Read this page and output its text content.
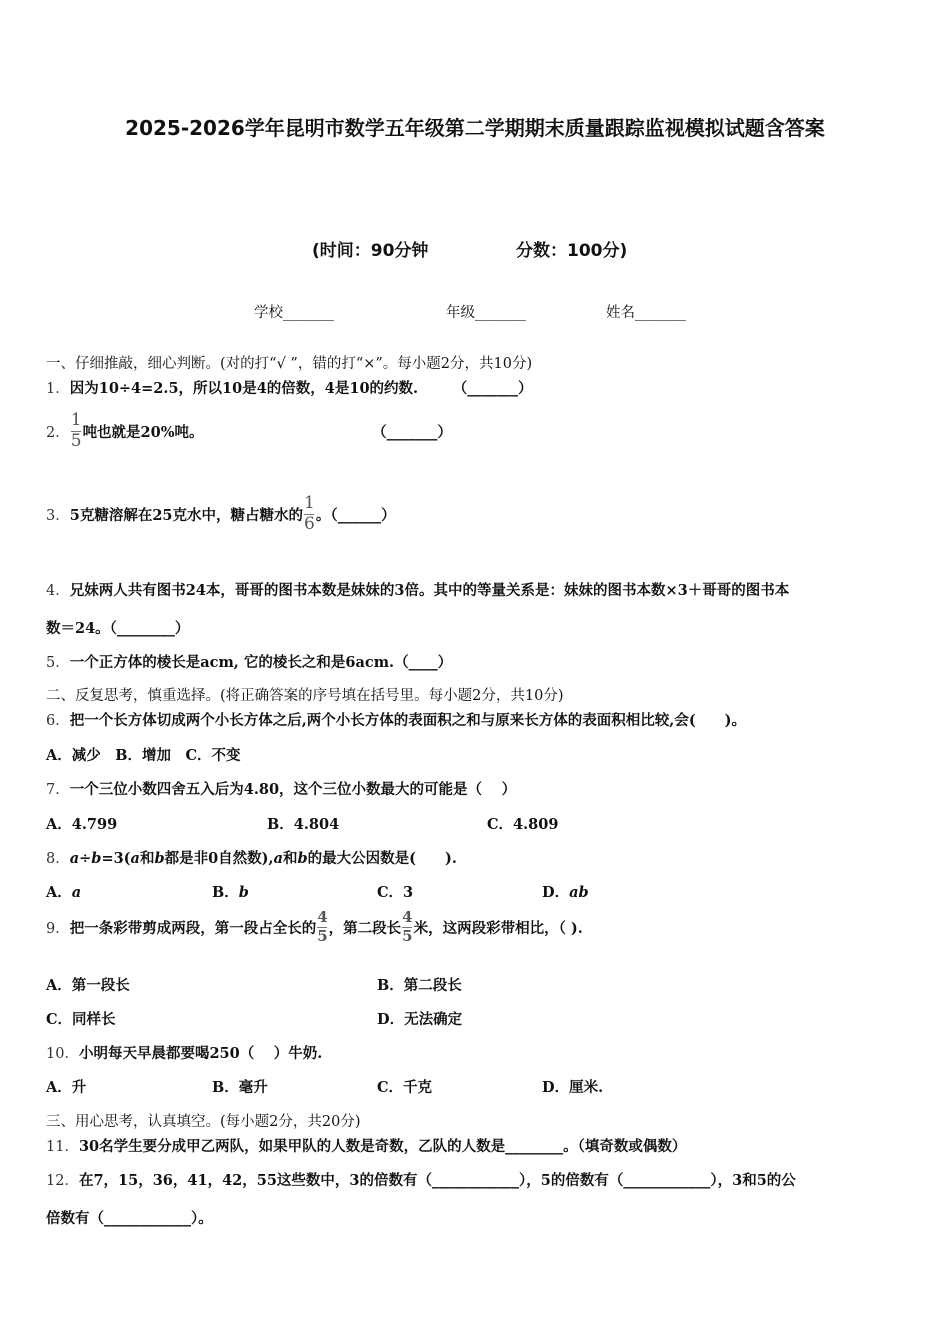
2025-2026学年昆明市数学五年级第二学期期末质量跟踪监视模拟试题含答案
(时间：90分钟	分数：100分)
学校_______	年级_______	姓名_______
一、仔细推敲，细心判断。(对的打“√ ”，错的打“×”。每小题2分，共10分)
1．因为10÷4=2.5，所以10是4的倍数，4是10的约数. （_______）
2． $\frac{1}{5}$ 吨也就是20%吨。	（_______）
3．5克糖溶解在25克水中，糖占糖水的 $\frac{1}{6}$ 。（______）
4．兄妹两人共有图书24本，哥哥的图书本数是妹妹的3倍。其中的等量关系是：妹妹的图书本数×3＋哥哥的图书本
数＝24。（________）
5．一个正方体的棱长是acm, 它的棱长之和是6acm.（____）
二、反复思考，慎重选择。(将正确答案的序号填在括号里。每小题2分，共10分)
6．把一个长方体切成两个小长方体之后,两个小长方体的表面积之和与原来长方体的表面积相比较,会(　　)。
A．减少　B．增加　C．不变
7．一个三位小数四舍五入后为4.80，这个三位小数最大的可能是（　 ）
A．4.799	B．4.804	C．4.809
8．a÷b=3(a和b都是非0自然数),a和b的最大公因数是(　　).
A．a	B．b	C．3	D．ab
9．把一条彩带剪成两段，第一段占全长的 $\frac{4}{5}$ ，第二段长 $\frac{4}{5}$ 米，这两段彩带相比，（ ).
A．第一段长	B．第二段长
C．同样长	D．无法确定
10．小明每天早晨都要喝250（　 ）牛奶.
A．升	B．毫升	C．千克	D．厘米.
三、用心思考，认真填空。(每小题2分，共20分)
11．30名学生要分成甲乙两队，如果甲队的人数是奇数，乙队的人数是________。（填奇数或偶数）
12．在7，15，36，41，42，55这些数中，3的倍数有（____________），5的倍数有（____________），3和5的公
倍数有（____________）。
